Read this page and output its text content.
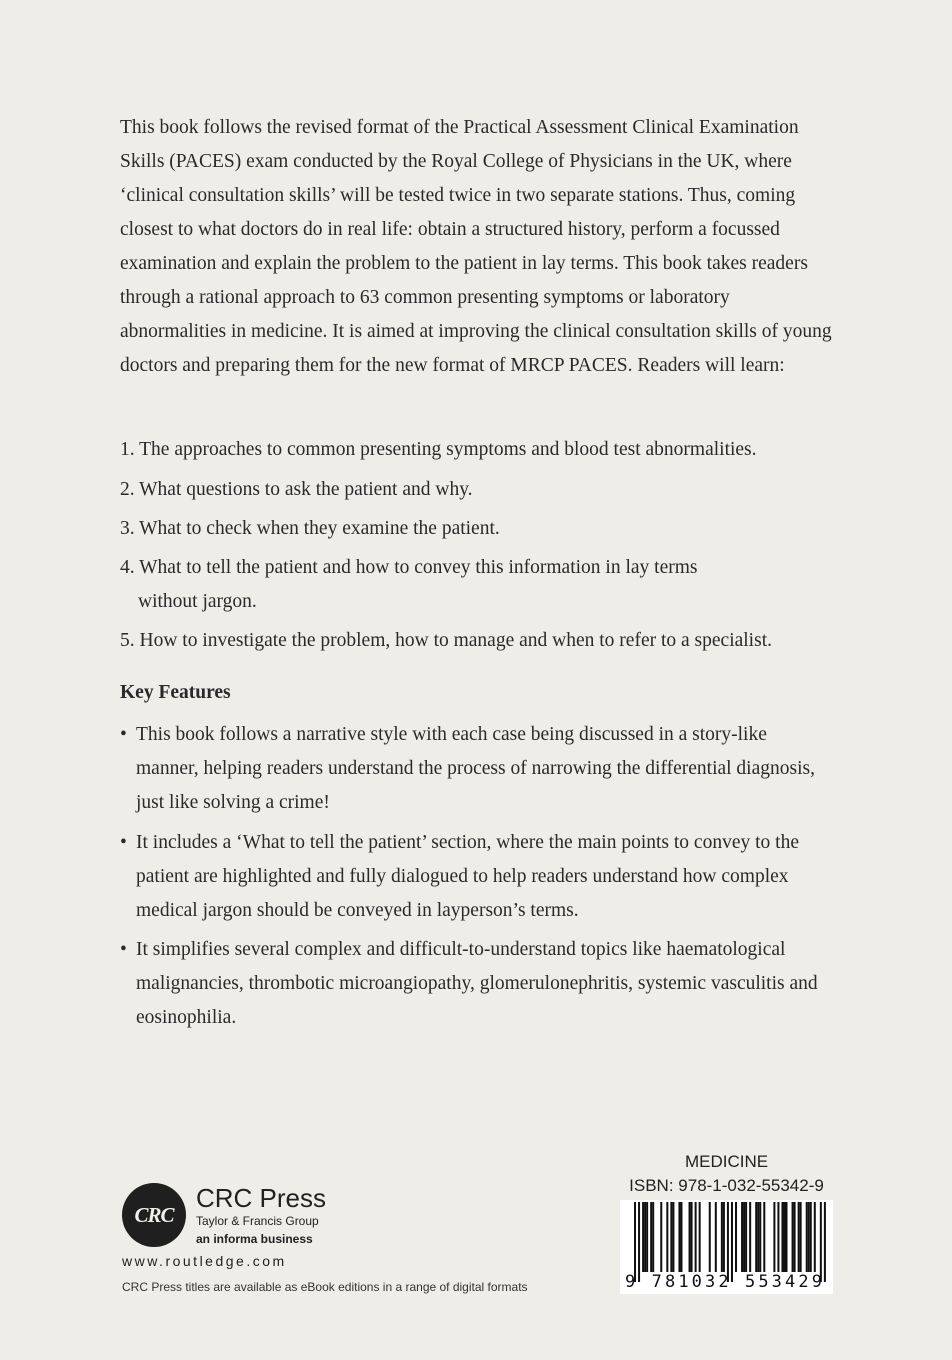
This book follows the revised format of the Practical Assessment Clinical Examination Skills (PACES) exam conducted by the Royal College of Physicians in the UK, where ‘clinical consultation skills’ will be tested twice in two separate stations. Thus, coming closest to what doctors do in real life: obtain a structured history, perform a focussed examination and explain the problem to the patient in lay terms. This book takes readers through a rational approach to 63 common presenting symptoms or laboratory abnormalities in medicine. It is aimed at improving the clinical consultation skills of young doctors and preparing them for the new format of MRCP PACES. Readers will learn:

1. The approaches to common presenting symptoms and blood test abnormalities.
2. What questions to ask the patient and why.
3. What to check when they examine the patient.
4. What to tell the patient and how to convey this information in lay terms
without jargon.
5. How to investigate the problem, how to manage and when to refer to a specialist.
Key Features
• This book follows a narrative style with each case being discussed in a story-like manner, helping readers understand the process of narrowing the differential diagnosis, just like solving a crime!
• It includes a ‘What to tell the patient’ section, where the main points to convey to the patient are highlighted and fully dialogued to help readers understand how complex medical jargon should be conveyed in layperson’s terms.
• It simplifies several complex and difficult-to-understand topics like haematological malignancies, thrombotic microangiopathy, glomerulonephritis, systemic vasculitis and eosinophilia.
CRC
CRC Press
Taylor & Francis Group
an informa business
www.routledge.com
CRC Press titles are available as eBook editions in a range of digital formats
MEDICINE
ISBN: 978-1-032-55342-9
9 781032 553429
